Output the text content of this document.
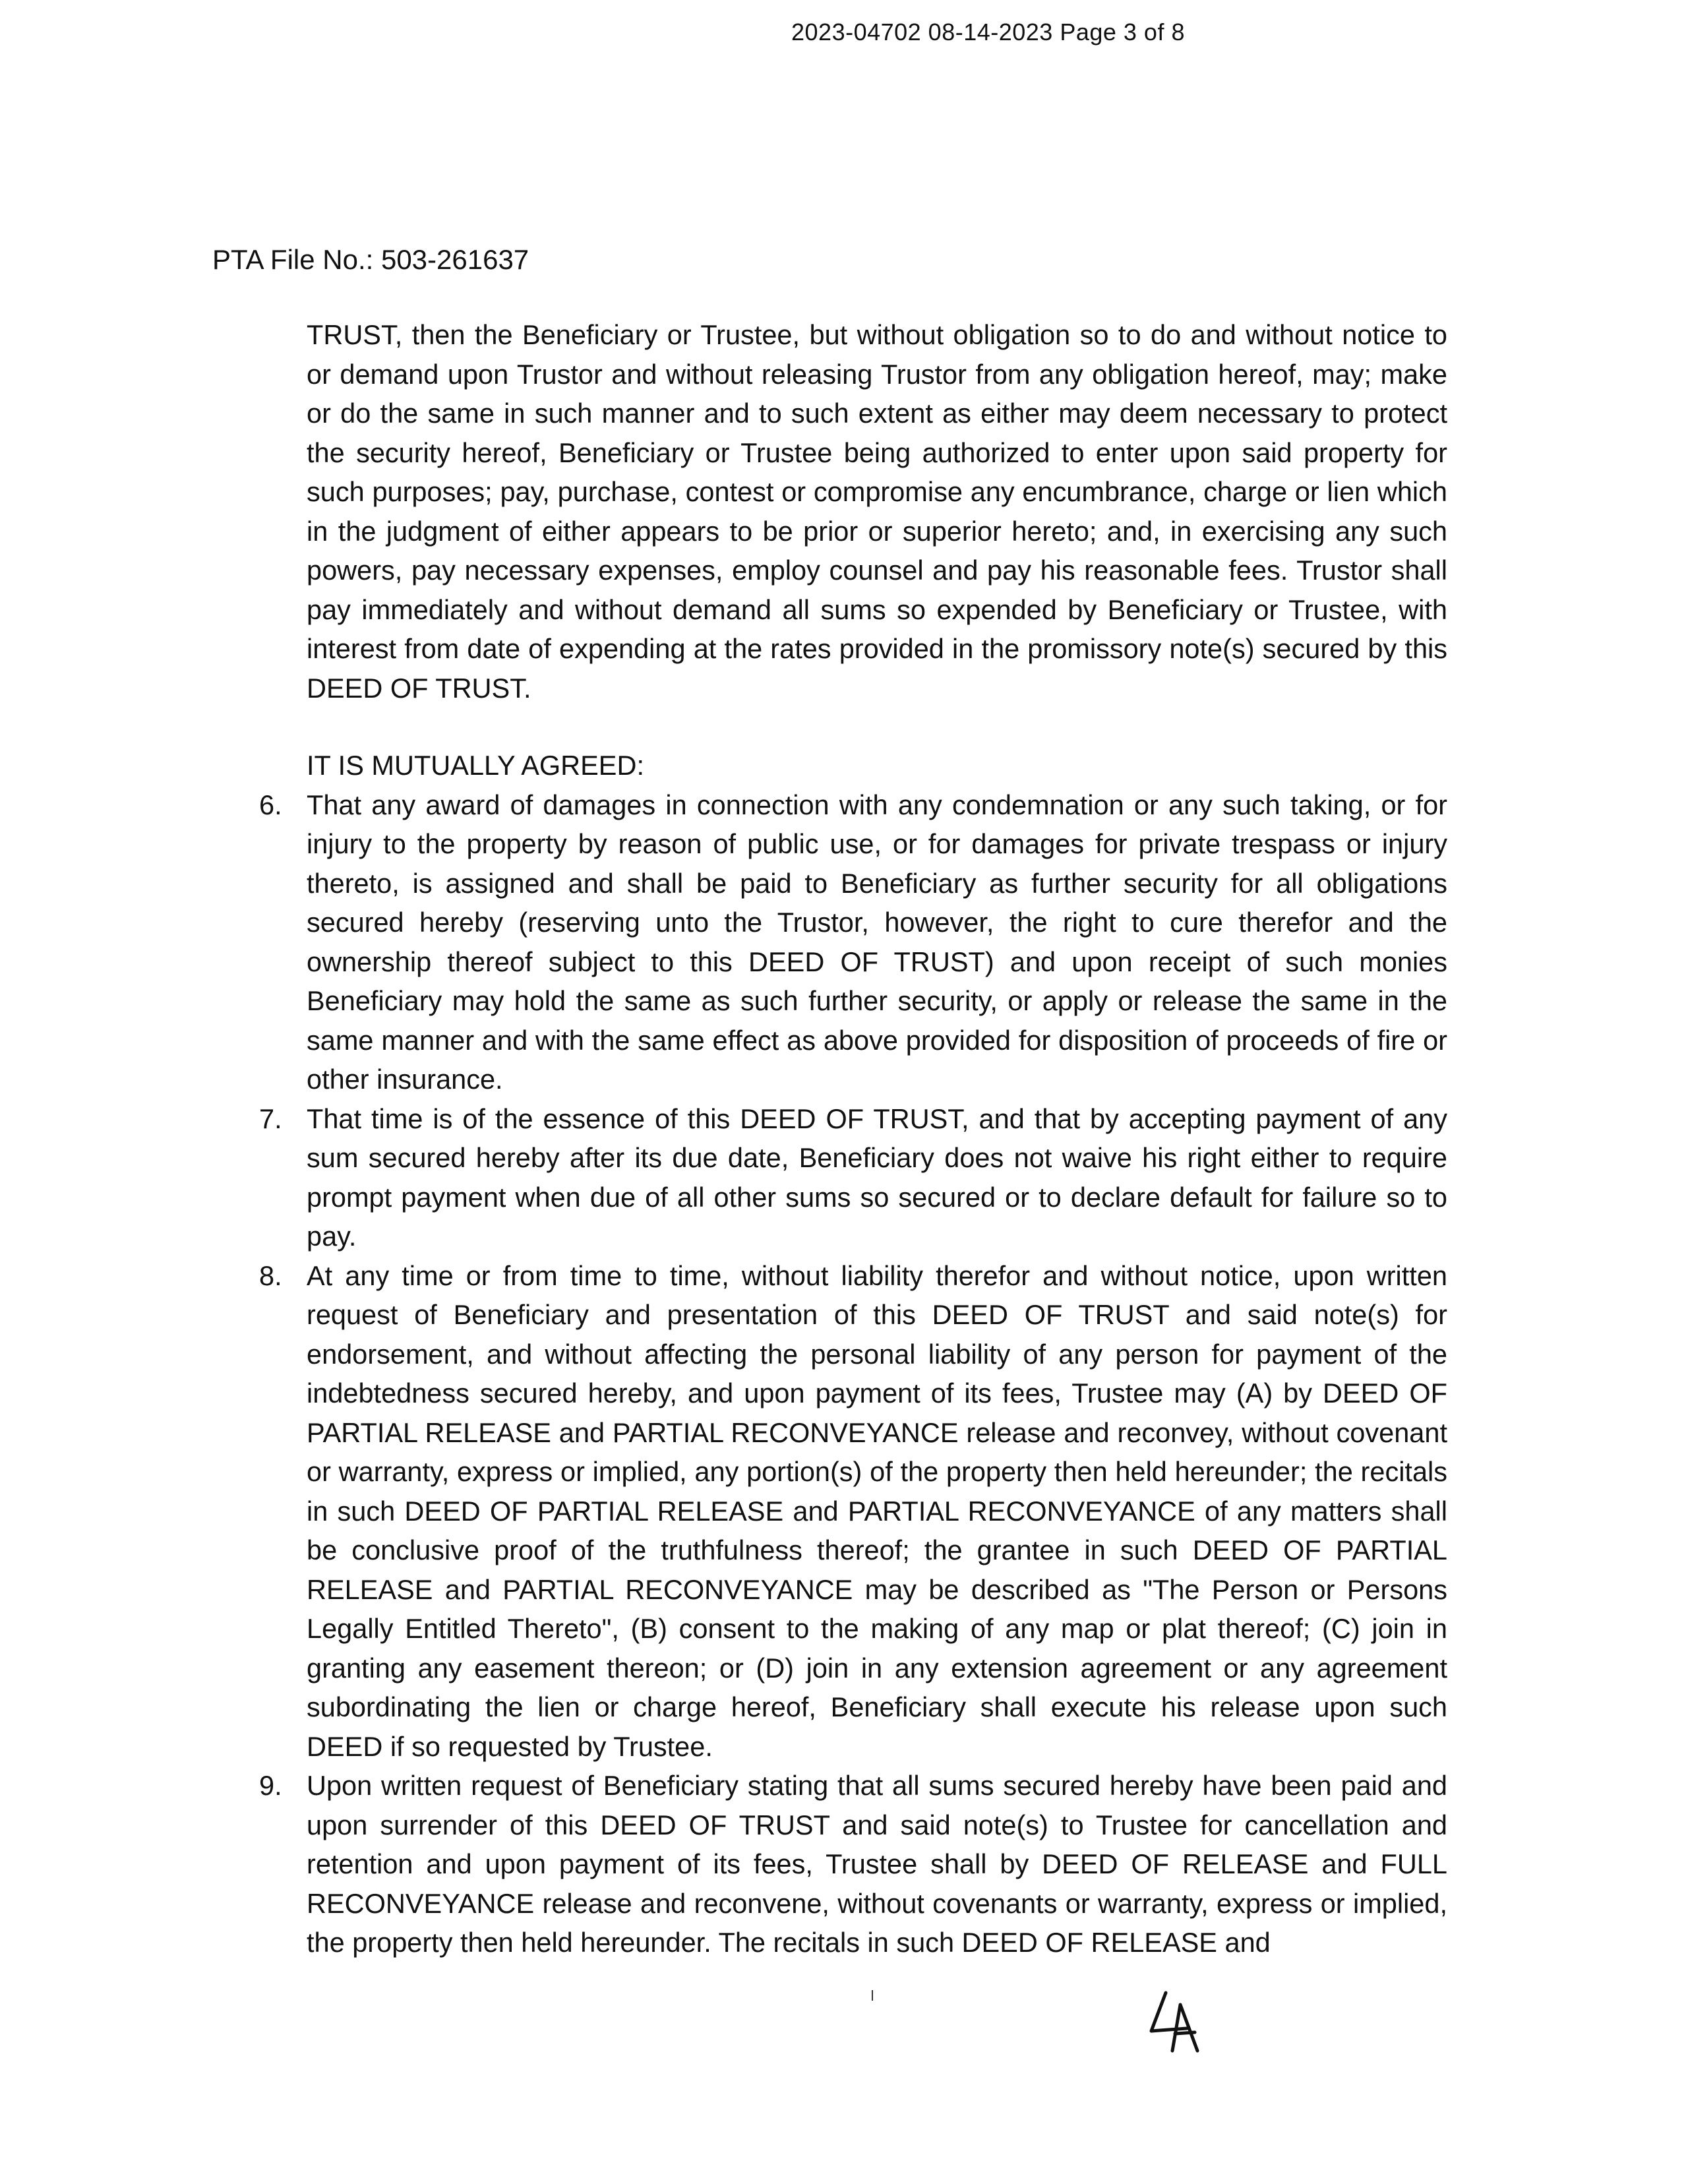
2023-04702 08-14-2023 Page 3 of 8
PTA File No.: 503-261637

TRUST, then the Beneficiary or Trustee, but without obligation so to do and without notice to or demand upon Trustor and without releasing Trustor from any obligation hereof, may; make or do the same in such manner and to such extent as either may deem necessary to protect the security hereof, Beneficiary or Trustee being authorized to enter upon said property for such purposes; pay, purchase, contest or compromise any encumbrance, charge or lien which in the judgment of either appears to be prior or superior hereto; and, in exercising any such powers, pay necessary expenses, employ counsel and pay his reasonable fees. Trustor shall pay immediately and without demand all sums so expended by Beneficiary or Trustee, with interest from date of expending at the rates provided in the promissory note(s) secured by this DEED OF TRUST.

IT IS MUTUALLY AGREED:

6. That any award of damages in connection with any condemnation or any such taking, or for injury to the property by reason of public use, or for damages for private trespass or injury thereto, is assigned and shall be paid to Beneficiary as further security for all obligations secured hereby (reserving unto the Trustor, however, the right to cure therefor and the ownership thereof subject to this DEED OF TRUST) and upon receipt of such monies Beneficiary may hold the same as such further security, or apply or release the same in the same manner and with the same effect as above provided for disposition of proceeds of fire or other insurance.
7. That time is of the essence of this DEED OF TRUST, and that by accepting payment of any sum secured hereby after its due date, Beneficiary does not waive his right either to require prompt payment when due of all other sums so secured or to declare default for failure so to pay.
8. At any time or from time to time, without liability therefor and without notice, upon written request of Beneficiary and presentation of this DEED OF TRUST and said note(s) for endorsement, and without affecting the personal liability of any person for payment of the indebtedness secured hereby, and upon payment of its fees, Trustee may (A) by DEED OF PARTIAL RELEASE and PARTIAL RECONVEYANCE release and reconvey, without covenant or warranty, express or implied, any portion(s) of the property then held hereunder; the recitals in such DEED OF PARTIAL RELEASE and PARTIAL RECONVEYANCE of any matters shall be conclusive proof of the truthfulness thereof; the grantee in such DEED OF PARTIAL RELEASE and PARTIAL RECONVEYANCE may be described as "The Person or Persons Legally Entitled Thereto", (B) consent to the making of any map or plat thereof; (C) join in granting any easement thereon; or (D) join in any extension agreement or any agreement subordinating the lien or charge hereof, Beneficiary shall execute his release upon such DEED if so requested by Trustee.
9. Upon written request of Beneficiary stating that all sums secured hereby have been paid and upon surrender of this DEED OF TRUST and said note(s) to Trustee for cancellation and retention and upon payment of its fees, Trustee shall by DEED OF RELEASE and FULL RECONVEYANCE release and reconvene, without covenants or warranty, express or implied, the property then held hereunder. The recitals in such DEED OF RELEASE and
